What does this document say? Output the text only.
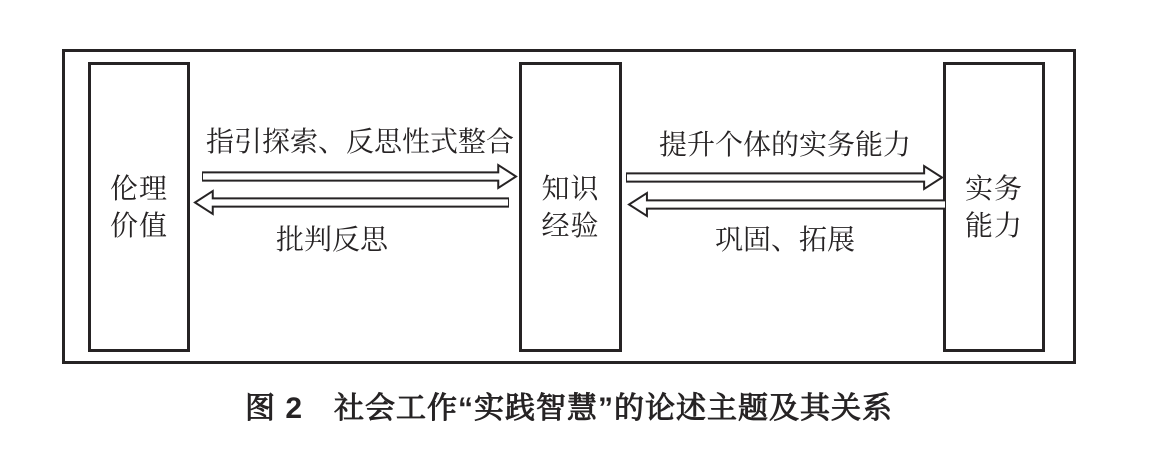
伦理
价值
知识
经验
实务
能力
指引探索、反思性式整合
批判反思
提升个体的实务能力
巩固、拓展
图 2　社会工作“实践智慧”的论述主题及其关系
